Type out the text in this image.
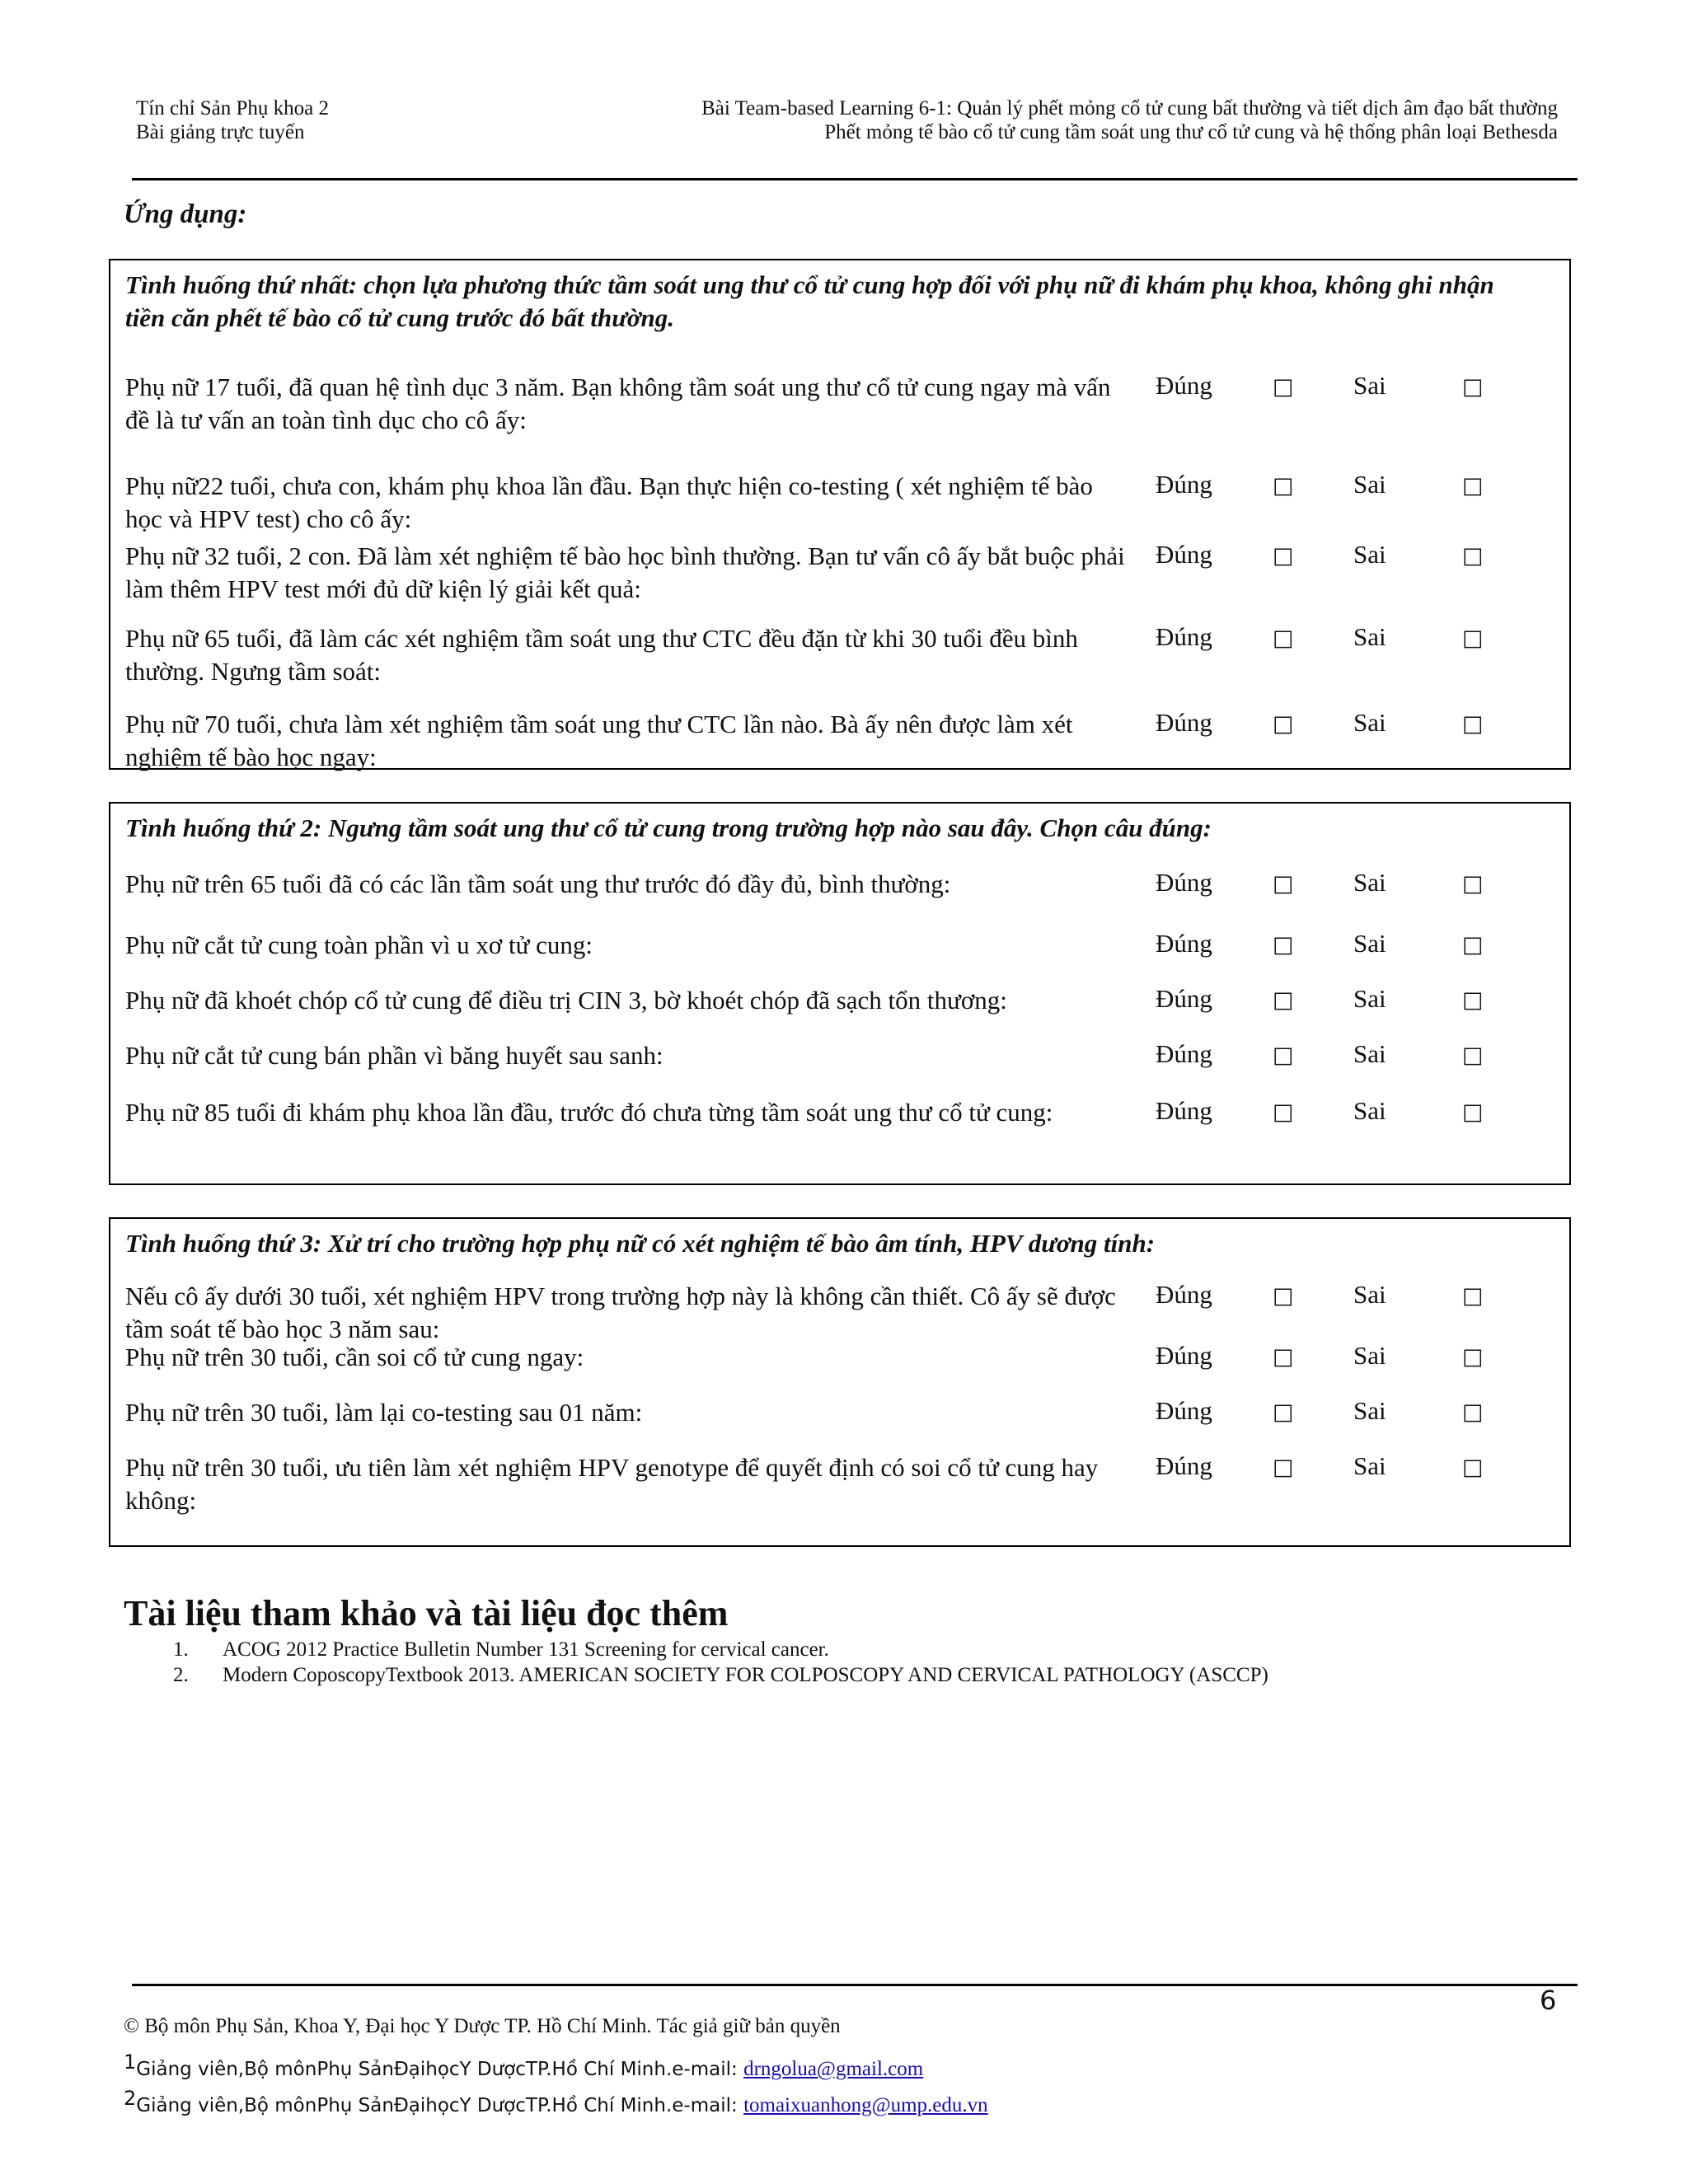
Tín chỉ Sản Phụ khoa 2
Bài giảng trực tuyến
Bài Team-based Learning 6-1: Quản lý phết mỏng cổ tử cung bất thường và tiết dịch âm đạo bất thường
Phết mỏng tế bào cổ tử cung tầm soát ung thư cổ tử cung và hệ thống phân loại Bethesda
Ứng dụng:
Tình huống thứ nhất: chọn lựa phương thức tầm soát ung thư cổ tử cung hợp đối với phụ nữ đi khám phụ khoa, không ghi nhận tiền căn phết tế bào cổ tử cung trước đó bất thường.
Phụ nữ 17 tuổi, đã quan hệ tình dục 3 năm. Bạn không tầm soát ung thư cổ tử cung ngay mà vấn đề là tư vấn an toàn tình dục cho cô ấy:
Đúng	□ Sai	□
Phụ nữ22 tuổi, chưa con, khám phụ khoa lần đầu. Bạn thực hiện co-testing ( xét nghiệm tế bào học và HPV test) cho cô ấy:
Đúng	□ Sai	□
Phụ nữ 32 tuổi, 2 con. Đã làm xét nghiệm tế bào học bình thường. Bạn tư vấn cô ấy bắt buộc phải làm thêm HPV test mới đủ dữ kiện lý giải kết quả:
Đúng	□ Sai	□
Phụ nữ 65 tuổi, đã làm các xét nghiệm tầm soát ung thư CTC đều đặn từ khi 30 tuổi đều bình thường. Ngưng tầm soát:
Đúng	□ Sai	□
Phụ nữ 70 tuổi, chưa làm xét nghiệm tầm soát ung thư CTC lần nào. Bà ấy nên được làm xét nghiệm tế bào học ngay:
Đúng	□ Sai	□
Tình huống thứ 2: Ngưng tầm soát ung thư cổ tử cung trong trường hợp nào sau đây. Chọn câu đúng:
Phụ nữ trên 65 tuổi đã có các lần tầm soát ung thư trước đó đầy đủ, bình thường:	Đúng	□ Sai	□
Phụ nữ cắt tử cung toàn phần vì u xơ tử cung:	Đúng	□ Sai	□
Phụ nữ đã khoét chóp cổ tử cung để điều trị CIN 3, bờ khoét chóp đã sạch tổn thương:	Đúng	□ Sai	□
Phụ nữ cắt tử cung bán phần vì băng huyết sau sanh:	Đúng	□ Sai	□
Phụ nữ 85 tuổi đi khám phụ khoa lần đầu, trước đó chưa từng tầm soát ung thư cổ tử cung:	Đúng	□ Sai	□
Tình huống thứ 3: Xử trí cho trường hợp phụ nữ có xét nghiệm tế bào âm tính, HPV dương tính:
Nếu cô ấy dưới 30 tuổi, xét nghiệm HPV trong trường hợp này là không cần thiết. Cô ấy sẽ được tầm soát tế bào học 3 năm sau:
Đúng	□ Sai	□
Phụ nữ trên 30 tuổi, cần soi cổ tử cung ngay:	Đúng	□ Sai	□
Phụ nữ trên 30 tuổi, làm lại co-testing sau 01 năm:	Đúng	□ Sai	□
Phụ nữ trên 30 tuổi, ưu tiên làm xét nghiệm HPV genotype để quyết định có soi cổ tử cung hay không:
Đúng	□ Sai	□
Tài liệu tham khảo và tài liệu đọc thêm
1. ACOG 2012 Practice Bulletin Number 131 Screening for cervical cancer.
2. Modern CoposcopyTextbook 2013. AMERICAN SOCIETY FOR COLPOSCOPY AND CERVICAL PATHOLOGY (ASCCP)
6
© Bộ môn Phụ Sản, Khoa Y, Đại học Y Dược TP. Hồ Chí Minh. Tác giả giữ bản quyền
$^1$Giảng viên,Bộ mônPhụ SảnĐạihọcY DượcTP.Hồ Chí Minh.e-mail: drngolua@gmail.com
$^2$Giảng viên,Bộ mônPhụ SảnĐạihọcY DượcTP.Hồ Chí Minh.e-mail: tomaixuanhong@ump.edu.vn
